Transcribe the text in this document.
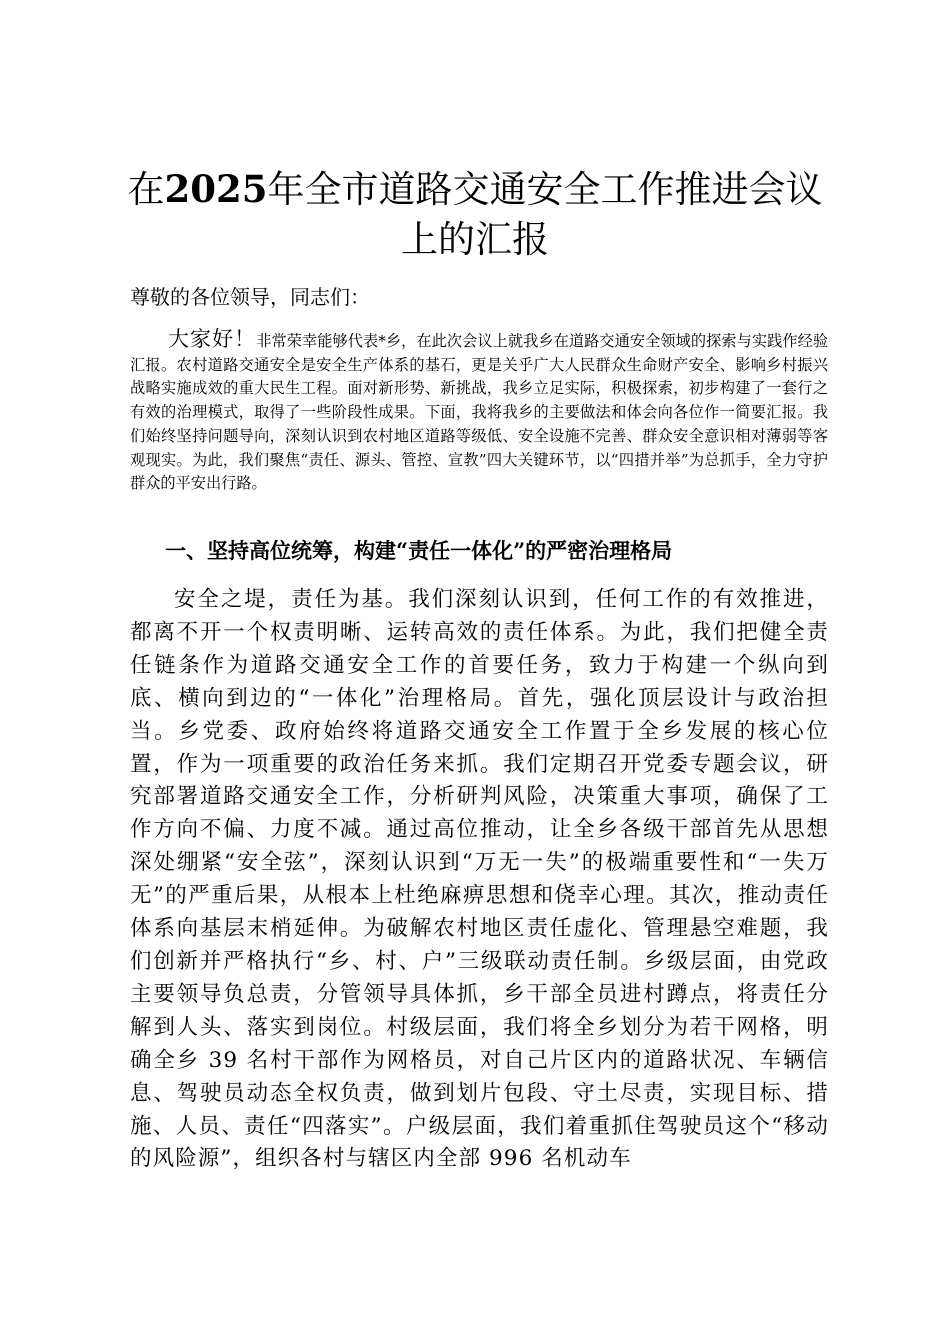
在2025年全市道路交通安全工作推进会议上的汇报

尊敬的各位领导，同志们：

大家好！非常荣幸能够代表*乡，在此次会议上就我乡在道路交通安全领域的探索与实践作经验汇报。农村道路交通安全是安全生产体系的基石，更是关乎广大人民群众生命财产安全、影响乡村振兴战略实施成效的重大民生工程。面对新形势、新挑战，我乡立足实际，积极探索，初步构建了一套行之有效的治理模式，取得了一些阶段性成果。下面，我将我乡的主要做法和体会向各位作一简要汇报。我们始终坚持问题导向，深刻认识到农村地区道路等级低、安全设施不完善、群众安全意识相对薄弱等客观现实。为此，我们聚焦“责任、源头、管控、宣教”四大关键环节，以“四措并举”为总抓手，全力守护群众的平安出行路。

一、坚持高位统筹，构建“责任一体化”的严密治理格局

安全之堤，责任为基。我们深刻认识到，任何工作的有效推进，都离不开一个权责明晰、运转高效的责任体系。为此，我们把健全责任链条作为道路交通安全工作的首要任务，致力于构建一个纵向到底、横向到边的“一体化”治理格局。首先，强化顶层设计与政治担当。乡党委、政府始终将道路交通安全工作置于全乡发展的核心位置，作为一项重要的政治任务来抓。我们定期召开党委专题会议，研究部署道路交通安全工作，分析研判风险，决策重大事项，确保了工作方向不偏、力度不减。通过高位推动，让全乡各级干部首先从思想深处绷紧“安全弦”，深刻认识到“万无一失”的极端重要性和“一失万无”的严重后果，从根本上杜绝麻痹思想和侥幸心理。其次，推动责任体系向基层末梢延伸。为破解农村地区责任虚化、管理悬空难题，我们创新并严格执行“乡、村、户”三级联动责任制。乡级层面，由党政主要领导负总责，分管领导具体抓，乡干部全员进村蹲点，将责任分解到人头、落实到岗位。村级层面，我们将全乡划分为若干网格，明确全乡 39 名村干部作为网格员，对自己片区内的道路状况、车辆信息、驾驶员动态全权负责，做到划片包段、守土尽责，实现目标、措施、人员、责任“四落实”。户级层面，我们着重抓住驾驶员这个“移动的风险源”，组织各村与辖区内全部 996 名机动车
